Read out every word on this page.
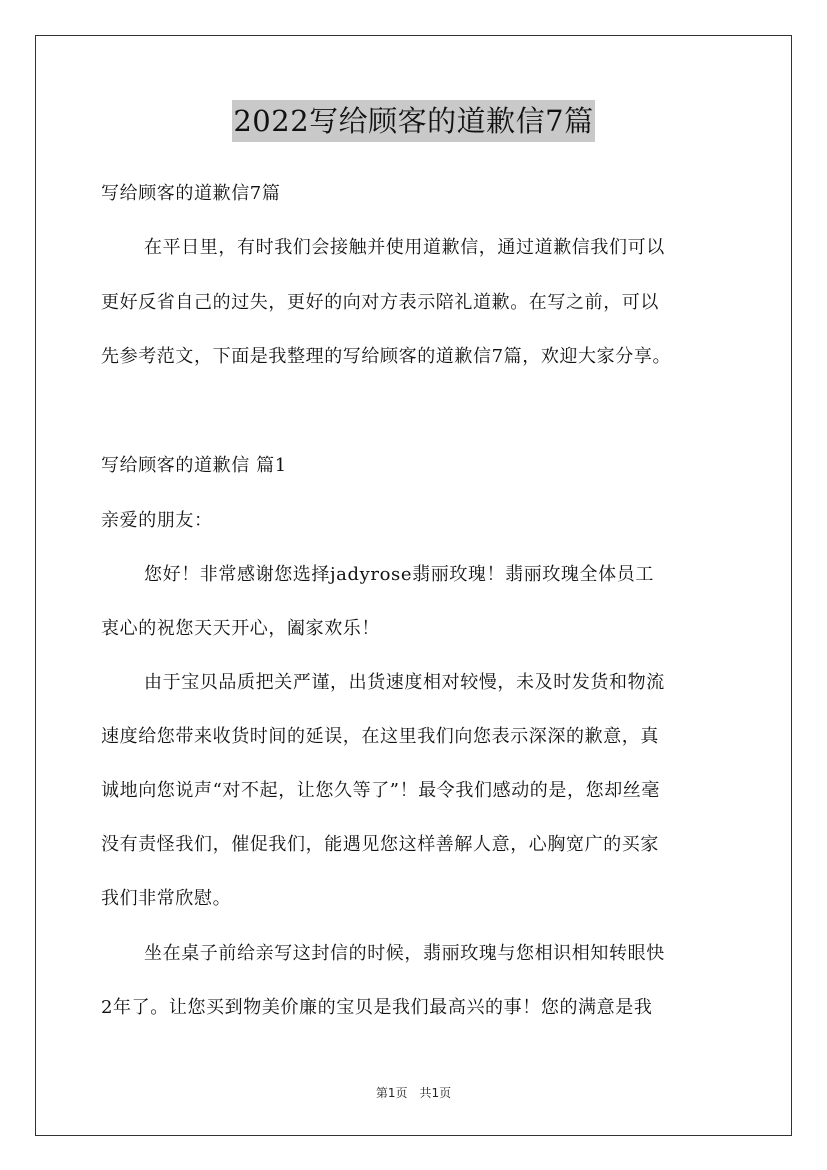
2022写给顾客的道歉信7篇
写给顾客的道歉信7篇
在平日里，有时我们会接触并使用道歉信，通过道歉信我们可以
更好反省自己的过失，更好的向对方表示陪礼道歉。在写之前，可以
先参考范文，下面是我整理的写给顾客的道歉信7篇，欢迎大家分享。
写给顾客的道歉信 篇1
亲爱的朋友：
您好！非常感谢您选择jadyrose翡丽玫瑰！翡丽玫瑰全体员工
衷心的祝您天天开心，阖家欢乐！
由于宝贝品质把关严谨，出货速度相对较慢，未及时发货和物流
速度给您带来收货时间的延误，在这里我们向您表示深深的歉意，真
诚地向您说声“对不起，让您久等了”！最令我们感动的是，您却丝毫
没有责怪我们，催促我们，能遇见您这样善解人意，心胸宽广的买家
我们非常欣慰。
坐在桌子前给亲写这封信的时候，翡丽玫瑰与您相识相知转眼快
2年了。让您买到物美价廉的宝贝是我们最高兴的事！您的满意是我
第1页　共1页
